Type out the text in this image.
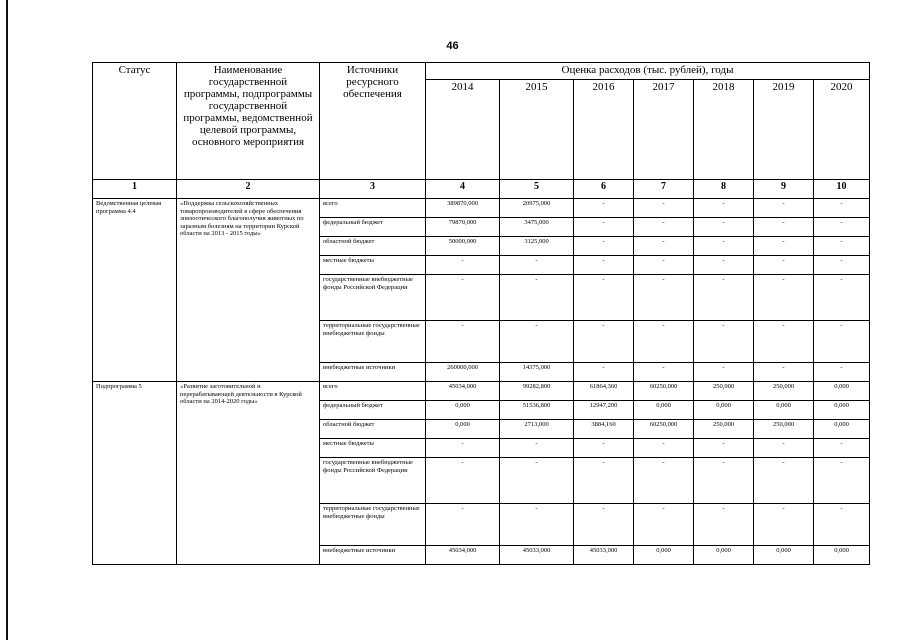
46
Статус	Наименование государственной программы, подпрограммы государственной программы, ведомственной целевой программы, основного мероприятия	Источники ресурсного обеспечения	Оценка расходов (тыс. рублей), годы						
			2014	2015	2016	2017	2018	2019	2020
1	2	3	4	5	6	7	8	9	10
Ведомственная целевая программа 4.4	«Поддержка сельскохозяйственных товаропроизводителей в сфере обеспечения эпизоотического благополучия животных по заразным болезням на территории Курской области на 2013 - 2015 годы»	всего	389870,000	20975,000	-	-	-	-	-
		федеральный бюджет	79870,000	3475,000	-	-	-	-	-
		областной бюджет	50000,000	3125,000	-	-	-	-	-
		местные бюджеты	-	-	-	-	-	-	-
		государственные внебюджетные фонды Российской Федерации	-	-	-	-	-	-	-
		территориальные государственные внебюджетные фонды	-	-	-	-	-	-	-
		внебюджетные источники	260000,000	14375,000	-	-	-	-	-
Подпрограмма 5	«Развитие заготовительной и перерабатывающей деятельности в Курской области на 2014-2020 годы»	всего	45034,000	99282,800	61864,360	60250,000	250,000	250,000	0,000
		федеральный бюджет	0,000	51536,800	12947,200	0,000	0,000	0,000	0,000
		областной бюджет	0,000	2713,000	3884,160	60250,000	250,000	250,000	0,000
		местные бюджеты	-	-	-	-	-	-	-
		государственные внебюджетные фонды Российской Федерации	-	-	-	-	-	-	-
		территориальные государственные внебюджетные фонды	-	-	-	-	-	-	-
		внебюджетные источники	45034,000	45033,000	45033,000	0,000	0,000	0,000	0,000
